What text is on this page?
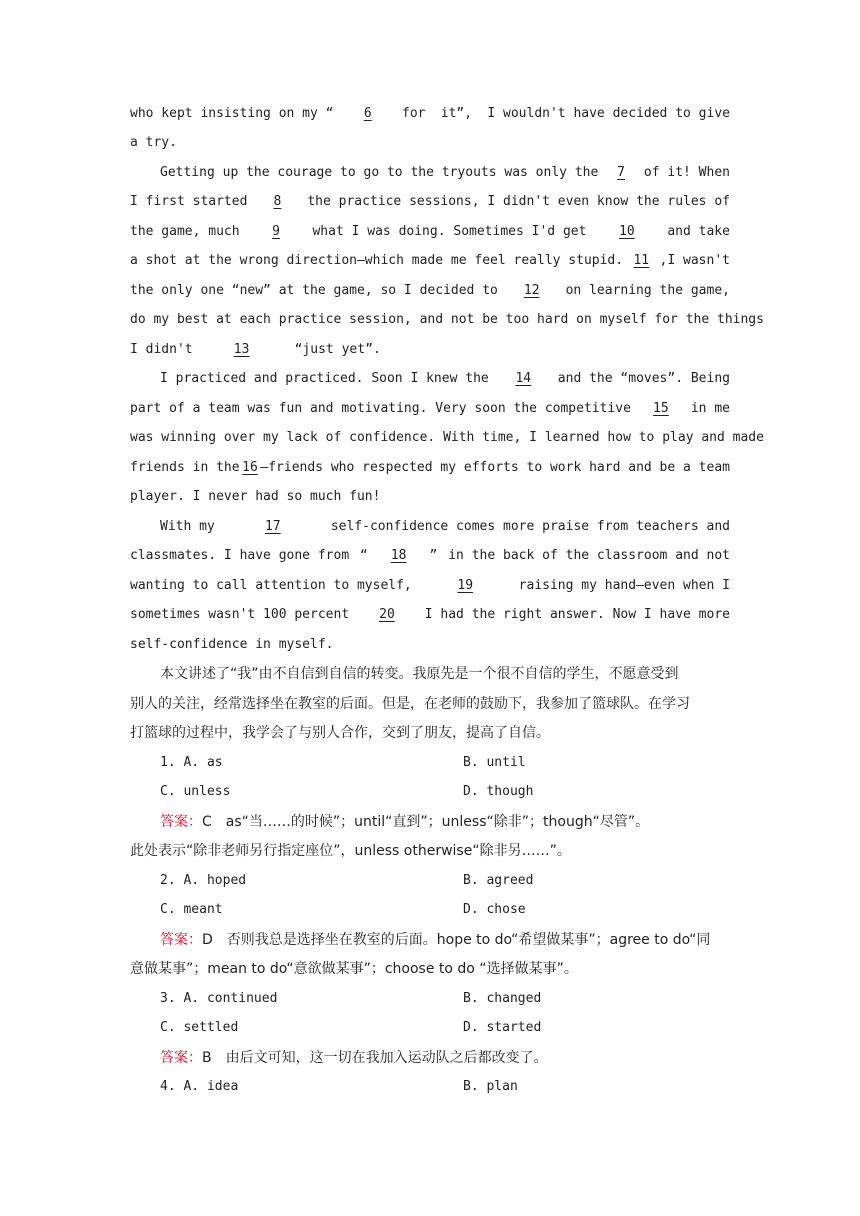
who kept insisting on my “	6	for it”, I wouldn't have decided to give
a try.
Getting up the courage to go to the tryouts was only the	7	of it! When
I first started	8	the practice sessions, I didn't even know the rules of
the game, much	9	what I was doing. Sometimes I'd get	10	and take
a shot at the wrong direction—which made me feel really stupid. 11 , I wasn't
the only one “new” at the game, so I decided to	12	on learning the game,
do my best at each practice session, and not be too hard on myself for the things
I didn't	13	“just yet”.
I practiced and practiced. Soon I knew the	14	and the “moves”. Being
part of a team was fun and motivating. Very soon the competitive	15	in me
was winning over my lack of confidence. With time, I learned how to play and made
friends in the 16 —friends who respected my efforts to work hard and be a team
player. I never had so much fun!
With my	17	self-confidence comes more praise from teachers and
classmates. I have gone from “ 18 ” in the back of the classroom and not
wanting to call attention to myself,	19	raising my hand—even when I
sometimes wasn't 100 percent	20	I had the right answer. Now I have more
self-confidence in myself.
本文讲述了“我”由不自信到自信的转变。我原先是一个很不自信的学生，不愿意受到
别人的关注，经常选择坐在教室的后面。但是，在老师的鼓励下，我参加了篮球队。在学习
打篮球的过程中，我学会了与别人合作，交到了朋友，提高了自信。
1. A. as	B. until
C. unless	D. though
答案： C　as“当……的时候”；until“直到”；unless“除非”；though“尽管”。
此处表示“除非老师另行指定座位”，unless otherwise“除非另……”。
2. A. hoped	B. agreed
C. meant	D. chose
答案： D　否则我总是选择坐在教室的后面。hope to do“希望做某事”；agree to do“同
意做某事”；mean to do“意欲做某事”；choose to do “选择做某事”。
3. A. continued	B. changed
C. settled	D. started
答案： B　由后文可知，这一切在我加入运动队之后都改变了。
4. A. idea	B. plan
